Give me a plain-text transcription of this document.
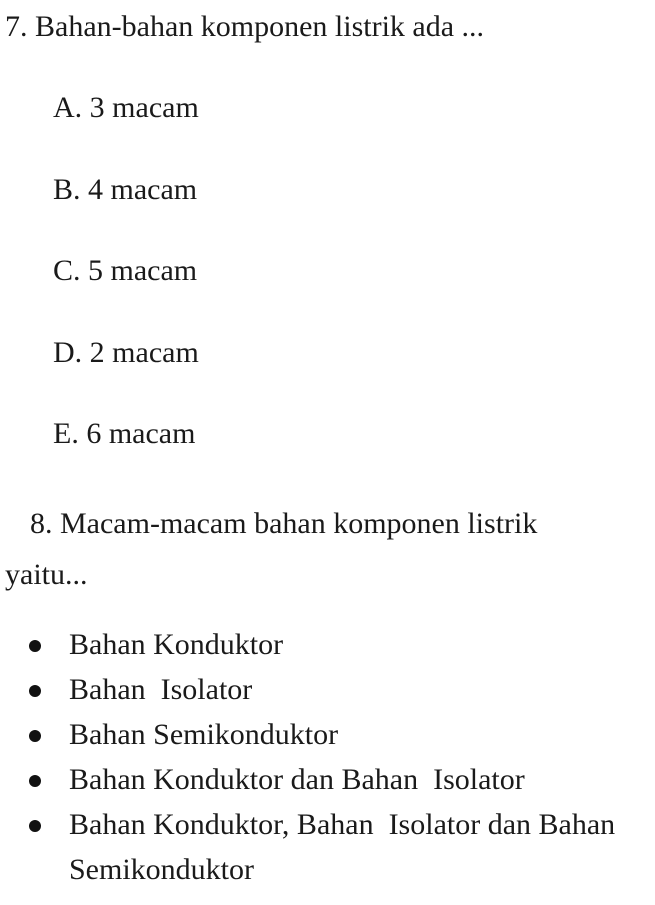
7. Bahan-bahan komponen listrik ada ...
A. 3 macam
B. 4 macam
C. 5 macam
D. 2 macam
E. 6 macam
8. Macam-macam bahan komponen listrik yaitu...
Bahan Konduktor
Bahan  Isolator
Bahan Semikonduktor
Bahan Konduktor dan Bahan  Isolator
Bahan Konduktor, Bahan  Isolator dan Bahan Semikonduktor
